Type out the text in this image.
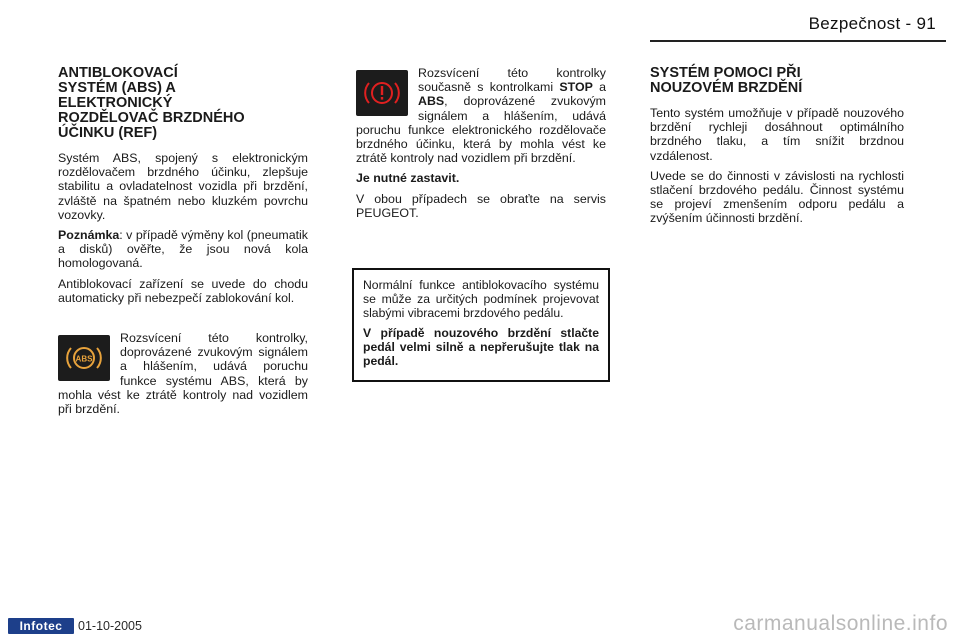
Bezpečnost - 91
ANTIBLOKOVACÍ
SYSTÉM (ABS) A
ELEKTRONICKÝ
ROZDĚLOVAČ BRZDNÉHO
ÚČINKU (REF)

Systém ABS, spojený s elektronickým rozdělovačem brzdného účinku, zlepšuje stabilitu a ovladatelnost vozidla při brzdění, zvláště na špatném nebo kluzkém povrchu vozovky.

Poznámka: v případě výměny kol (pneumatik a disků) ověřte, že jsou nová kola homologovaná.

Antiblokovací zařízení se uvede do chodu automaticky při nebezpečí zablokování kol.

ABS

Rozsvícení této kontrolky, doprovázené zvukovým signálem a hlášením, udává poruchu funkce systému ABS, která by mohla vést ke ztrátě kontroly nad vozidlem při brzdění.

Rozsvícení této kontrolky současně s kontrolkami STOP a ABS, doprovázené zvukovým signálem a hlášením, udává poruchu funkce elektronického rozdělovače brzdného účinku, která by mohla vést ke ztrátě kontroly nad vozidlem při brzdění.

Je nutné zastavit.

V obou případech se obraťte na servis PEUGEOT.

Normální funkce antiblokovacího systému se může za určitých podmínek projevovat slabými vibracemi brzdového pedálu.

V případě nouzového brzdění stlačte pedál velmi silně a nepřerušujte tlak na pedál.

SYSTÉM POMOCI PŘI
NOUZOVÉM BRZDĚNÍ

Tento systém umožňuje v případě nouzového brzdění rychleji dosáhnout optimálního brzdného tlaku, a tím snížit brzdnou vzdálenost.

Uvede se do činnosti v závislosti na rychlosti stlačení brzdového pedálu. Činnost systému se projeví zmenšením odporu pedálu a zvýšením účinnosti brzdění.

Infotec	01-10-2005	carmanualsonline.info
